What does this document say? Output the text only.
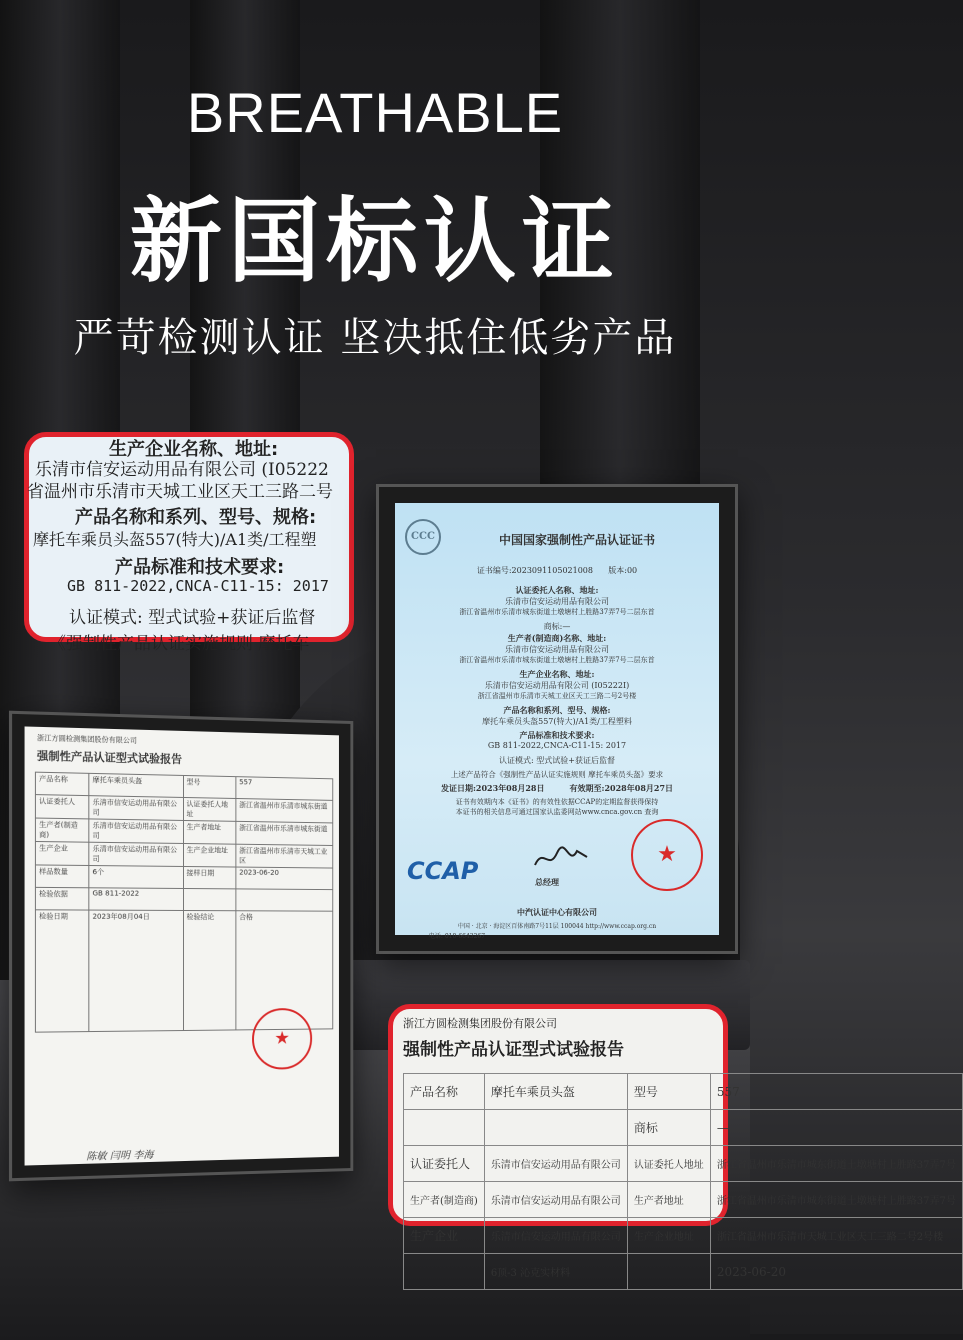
BREATHABLE
新国标认证
严苛检测认证 坚决抵住低劣产品
生产企业名称、地址:
乐清市信安运动用品有限公司 (I05222
省温州市乐清市天城工业区天工三路二号
产品名称和系列、型号、规格:
摩托车乘员头盔557(特大)/A1类/工程塑
产品标准和技术要求:
GB 811-2022,CNCA-C11-15: 2017
认证模式: 型式试验+获证后监督
《强制性产品认证实施规则 摩托车
CCC	中国国家强制性产品认证证书
证书编号:2023091105021008 版本:00
认证委托人名称、地址:
乐清市信安运动用品有限公司
浙江省温州市乐清市城东街道土墩塘村上胜路37弄7号二层东首
商标:—
生产者(制造商)名称、地址:
乐清市信安运动用品有限公司
浙江省温州市乐清市城东街道土墩塘村上胜路37弄7号二层东首
生产企业名称、地址:
乐清市信安运动用品有限公司 (I05222I)
浙江省温州市乐清市天城工业区天工三路二号2号楼
产品名称和系列、型号、规格:
摩托车乘员头盔557(特大)/A1类/工程塑料
产品标准和技术要求:
GB 811-2022,CNCA-C11-15: 2017
认证模式: 型式试验+获证后监督
上述产品符合《强制性产品认证实施规则 摩托车乘员头盔》要求
发证日期:2023年08月28日	有效期至:2028年08月27日
证书有效期内本《证书》的有效性依据CCAP的定期监督获得保持
本证书的相关信息可通过国家认监委网站www.cnca.gov.cn 查询
CCAP	总经理
★
中汽认证中心有限公司
中国 · 北京 · 海淀区百体南路7号11层 100044 http://www.ccap.org.cn
电话: 010-6643267
浙江方圆检测集团股份有限公司
强制性产品认证型式试验报告
产品名称	摩托车乘员头盔	型号	557
认证委托人	乐清市信安运动用品有限公司	认证委托人地址	浙江省温州市乐清市城东街道
生产者(制造商)	乐清市信安运动用品有限公司	生产者地址	浙江省温州市乐清市城东街道
生产企业	乐清市信安运动用品有限公司	生产企业地址	浙江省温州市乐清市天城工业区
样品数量	6个	接样日期	2023-06-20
检验依据	GB 811-2022		
检验日期	2023年08月04日	检验结论	合格
★
陈敏 闫明 李海
浙江方圆检测集团股份有限公司
强制性产品认证型式试验报告
产品名称	摩托车乘员头盔	型号	557
		商标	—
认证委托人	乐清市信安运动用品有限公司	认证委托人地址	浙江省温州市乐清市城东街道土墩塘村上胜路37弄7号
生产者(制造商)	乐清市信安运动用品有限公司	生产者地址	浙江省温州市乐清市城东街道土墩塘村上胜路37弄7号
生产企业	乐清市信安运动用品有限公司	生产企业地址	浙江省温州市乐清市天城工业区天工三路二号2号楼
	6顶-3 沁克实材料		2023-06-20
